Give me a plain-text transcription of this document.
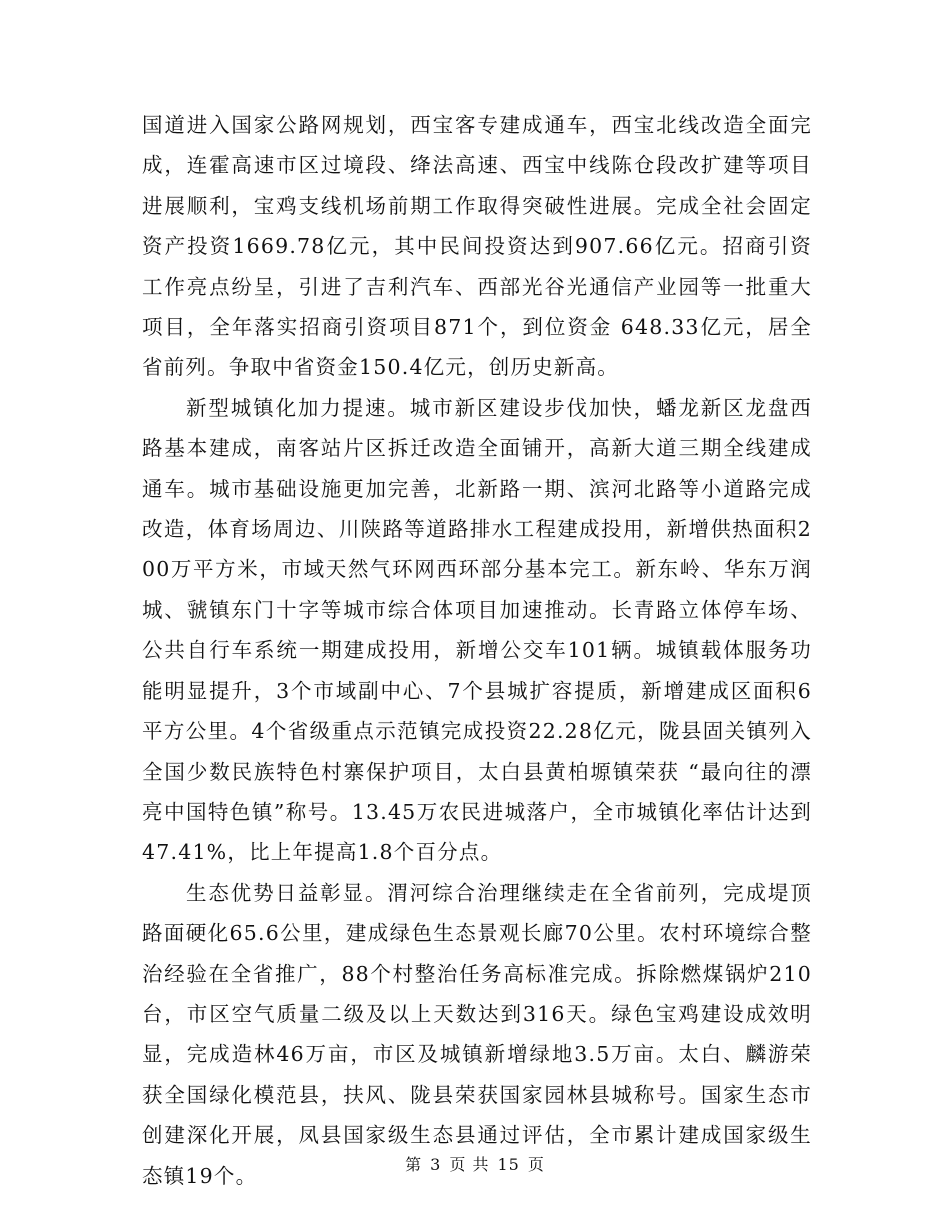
国道进入国家公路网规划，西宝客专建成通车，西宝北线改造全面完成，连霍高速市区过境段、绛法高速、西宝中线陈仓段改扩建等项目进展顺利，宝鸡支线机场前期工作取得突破性进展。完成全社会固定资产投资1669.78亿元，其中民间投资达到907.66亿元。招商引资工作亮点纷呈，引进了吉利汽车、西部光谷光通信产业园等一批重大项目，全年落实招商引资项目871个，到位资金 648.33亿元，居全省前列。争取中省资金150.4亿元，创历史新高。

新型城镇化加力提速。城市新区建设步伐加快，蟠龙新区龙盘西路基本建成，南客站片区拆迁改造全面铺开，高新大道三期全线建成通车。城市基础设施更加完善，北新路一期、滨河北路等小道路完成改造，体育场周边、川陕路等道路排水工程建成投用，新增供热面积200万平方米，市域天然气环网西环部分基本完工。新东岭、华东万润城、虢镇东门十字等城市综合体项目加速推动。长青路立体停车场、公共自行车系统一期建成投用，新增公交车101辆。城镇载体服务功能明显提升，3个市域副中心、7个县城扩容提质，新增建成区面积6平方公里。4个省级重点示范镇完成投资22.28亿元，陇县固关镇列入全国少数民族特色村寨保护项目，太白县黄柏塬镇荣获 “最向往的漂亮中国特色镇”称号。13.45万农民进城落户，全市城镇化率估计达到47.41%，比上年提高1.8个百分点。

生态优势日益彰显。渭河综合治理继续走在全省前列，完成堤顶路面硬化65.6公里，建成绿色生态景观长廊70公里。农村环境综合整治经验在全省推广，88个村整治任务高标准完成。拆除燃煤锅炉210台，市区空气质量二级及以上天数达到316天。绿色宝鸡建设成效明显，完成造林46万亩，市区及城镇新增绿地3.5万亩。太白、麟游荣获全国绿化模范县，扶风、陇县荣获国家园林县城称号。国家生态市创建深化开展，凤县国家级生态县通过评估，全市累计建成国家级生态镇19个。	第 3 页 共 15 页
